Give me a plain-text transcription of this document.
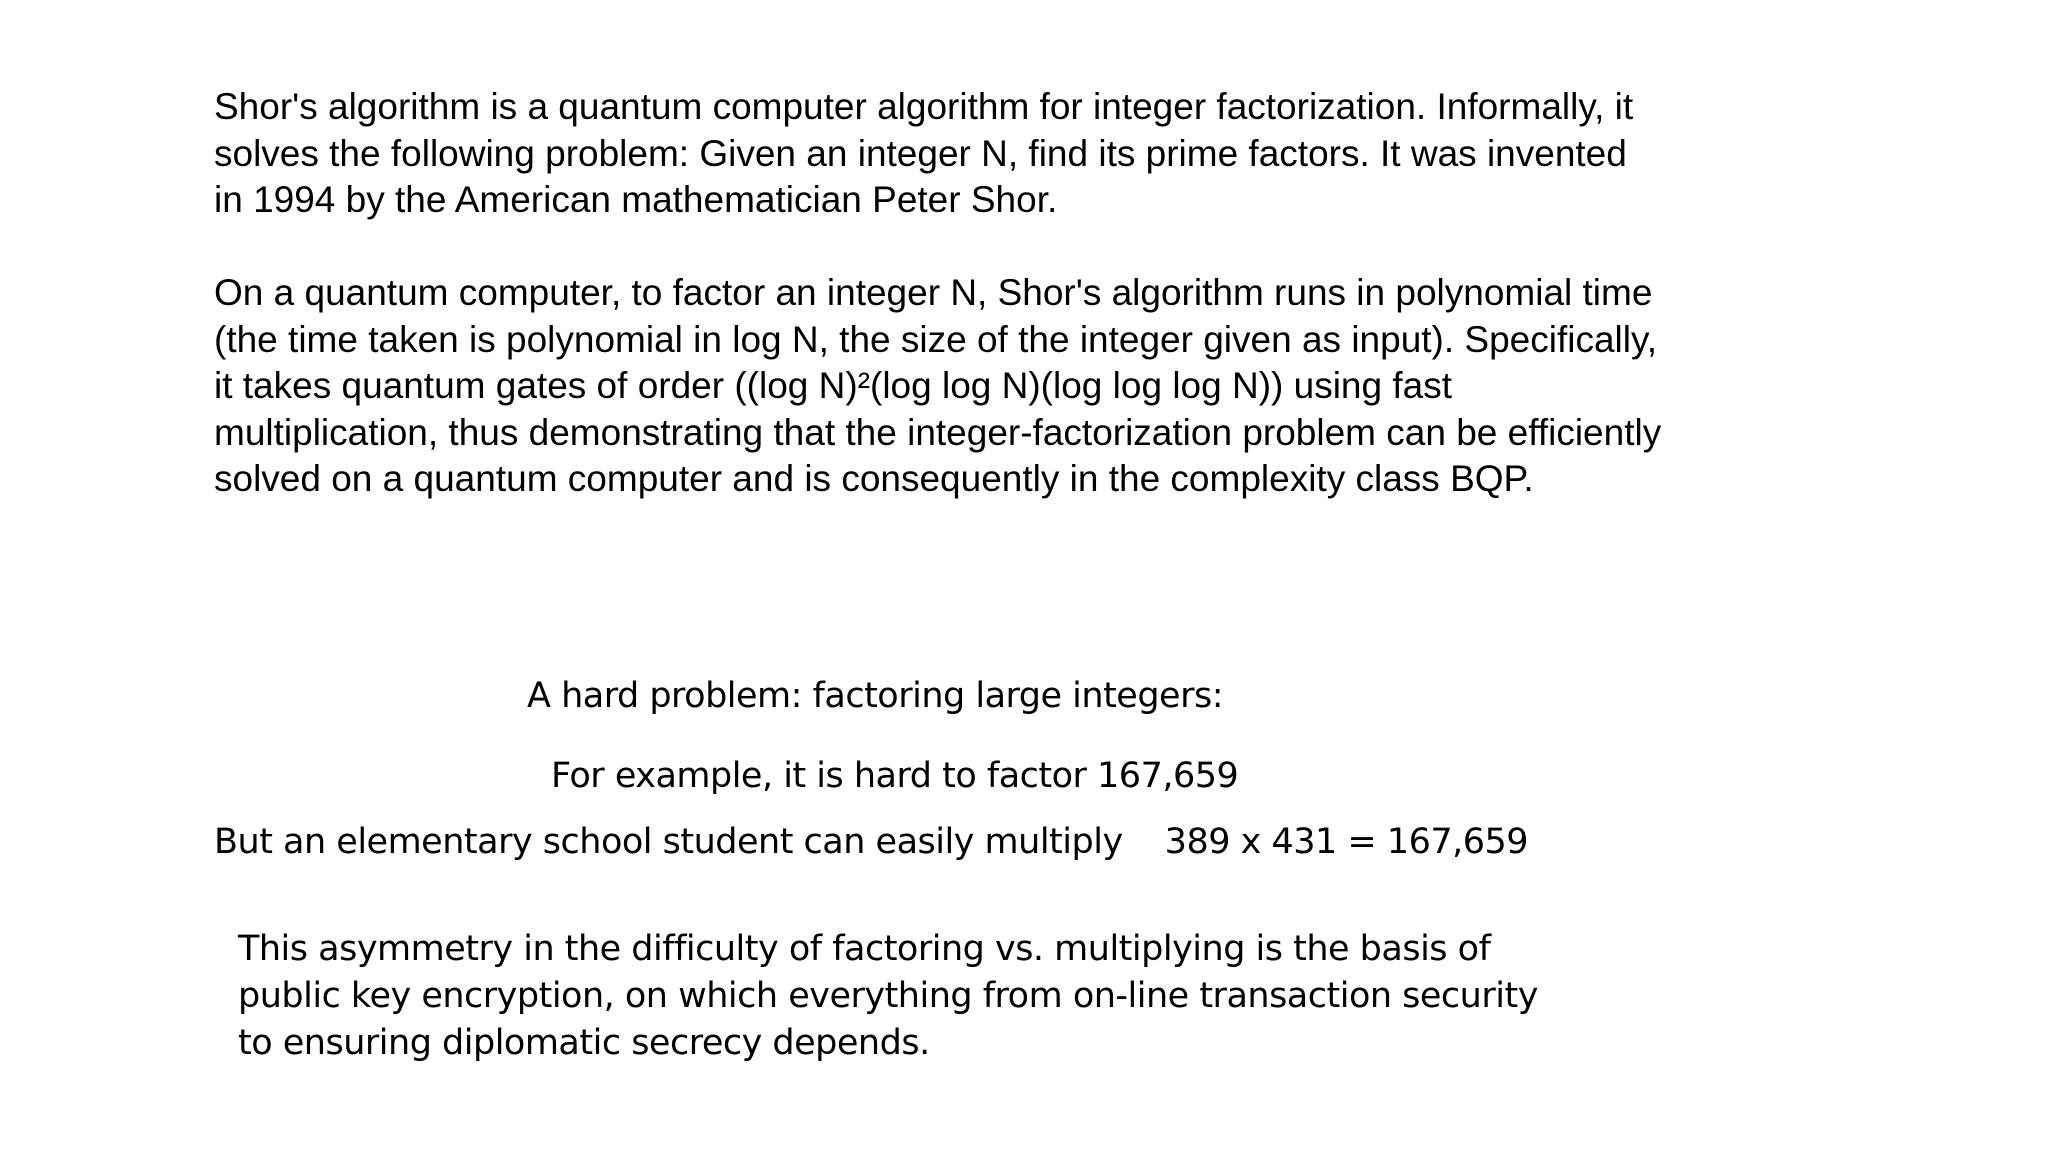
Shor's algorithm is a quantum computer algorithm for integer factorization. Informally, it
solves the following problem: Given an integer N, find its prime factors. It was invented
in 1994 by the American mathematician Peter Shor.

On a quantum computer, to factor an integer N, Shor's algorithm runs in polynomial time
(the time taken is polynomial in log N, the size of the integer given as input). Specifically,
it takes quantum gates of order ((log N)²(log log N)(log log log N)) using fast
multiplication, thus demonstrating that the integer-factorization problem can be efficiently
solved on a quantum computer and is consequently in the complexity class BQP.

A hard problem: factoring large integers:

For example, it is hard to factor 167,659

But an elementary school student can easily multiply 389 x 431 = 167,659

This asymmetry in the difficulty of factoring vs. multiplying is the basis of
public key encryption, on which everything from on-line transaction security
to ensuring diplomatic secrecy depends.
